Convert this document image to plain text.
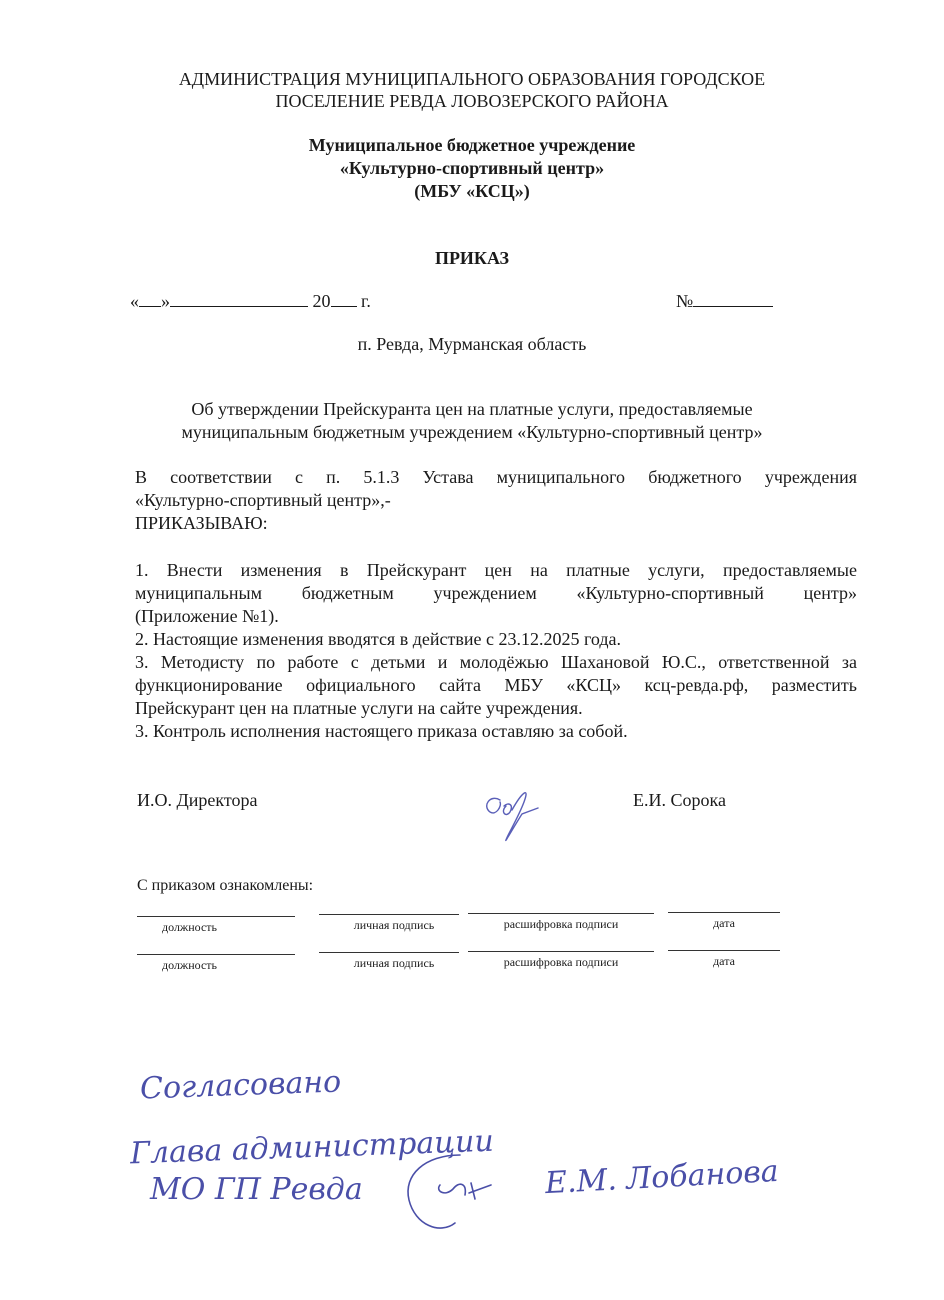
АДМИНИСТРАЦИЯ МУНИЦИПАЛЬНОГО ОБРАЗОВАНИЯ ГОРОДСКОЕ
ПОСЕЛЕНИЕ РЕВДА ЛОВОЗЕРСКОГО РАЙОНА
Муниципальное бюджетное учреждение
«Культурно-спортивный центр»
(МБУ «КСЦ»)
ПРИКАЗ
« »	20 г.	№
п. Ревда, Мурманская область
Об утверждении Прейскуранта цен на платные услуги, предоставляемые
муниципальным бюджетным учреждением «Культурно-спортивный центр»
В соответствии с п. 5.1.3 Устава муниципального бюджетного учреждения
«Культурно-спортивный центр»,-
ПРИКАЗЫВАЮ:
1. Внести изменения в Прейскурант цен на платные услуги, предоставляемые
муниципальным бюджетным учреждением «Культурно-спортивный центр»
(Приложение №1).
2. Настоящие изменения вводятся в действие с 23.12.2025 года.
3. Методисту по работе с детьми и молодёжью Шахановой Ю.С., ответственной за
функционирование официального сайта МБУ «КСЦ» ксц-ревда.рф, разместить
Прейскурант цен на платные услуги на сайте учреждения.
3. Контроль исполнения настоящего приказа оставляю за собой.
И.О. Директора	Е.И. Сорока
С приказом ознакомлены:
должность	личная подпись	расшифровка подписи	дата
должность	личная подпись	расшифровка подписи	дата
Согласовано
Глава администрации
МО ГП Ревда	Е.М. Лобанова
